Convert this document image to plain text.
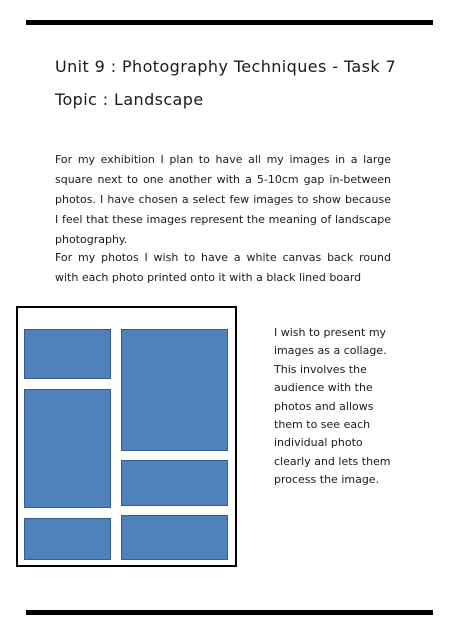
Unit 9 : Photography Techniques - Task 7
Topic : Landscape

For my exhibition I plan to have all my images in a large square next to one another with a 5-10cm gap in-between photos. I have chosen a select few images to show because I feel that these images represent the meaning of landscape photography.

For my photos I wish to have a white canvas back round with each photo printed onto it with a black lined board

I wish to present my images as a collage. This involves the audience with the photos and allows them to see each individual photo clearly and lets them process the image.
